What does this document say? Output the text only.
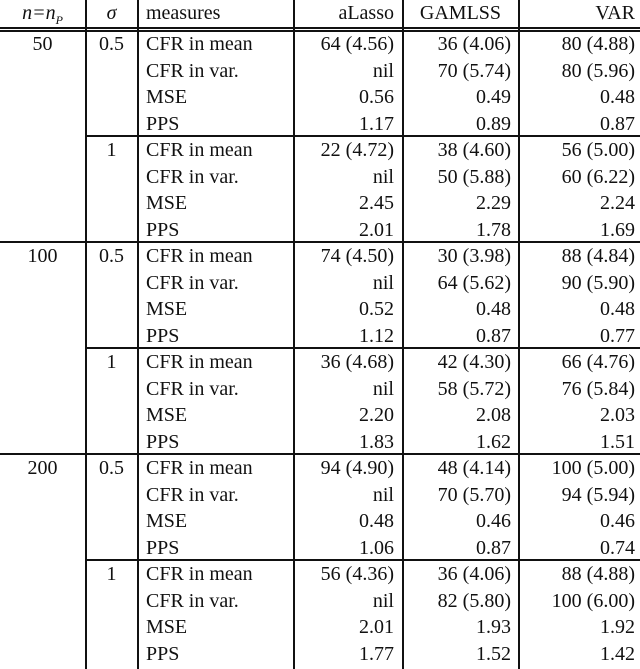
$n=n_P$	σ	measures	aLasso	GAMLSS	VAR
50	0.5	CFR in mean	64 (4.56)	36 (4.06)	80 (4.88)
CFR in var.	nil	70 (5.74)	80 (5.96)
MSE	0.56	0.49	0.48
PPS	1.17	0.89	0.87
1	CFR in mean	22 (4.72)	38 (4.60)	56 (5.00)
CFR in var.	nil	50 (5.88)	60 (6.22)
MSE	2.45	2.29	2.24
PPS	2.01	1.78	1.69
100	0.5	CFR in mean	74 (4.50)	30 (3.98)	88 (4.84)
CFR in var.	nil	64 (5.62)	90 (5.90)
MSE	0.52	0.48	0.48
PPS	1.12	0.87	0.77
1	CFR in mean	36 (4.68)	42 (4.30)	66 (4.76)
CFR in var.	nil	58 (5.72)	76 (5.84)
MSE	2.20	2.08	2.03
PPS	1.83	1.62	1.51
200	0.5	CFR in mean	94 (4.90)	48 (4.14)	100 (5.00)
CFR in var.	nil	70 (5.70)	94 (5.94)
MSE	0.48	0.46	0.46
PPS	1.06	0.87	0.74
1	CFR in mean	56 (4.36)	36 (4.06)	88 (4.88)
CFR in var.	nil	82 (5.80)	100 (6.00)
MSE	2.01	1.93	1.92
PPS	1.77	1.52	1.42
